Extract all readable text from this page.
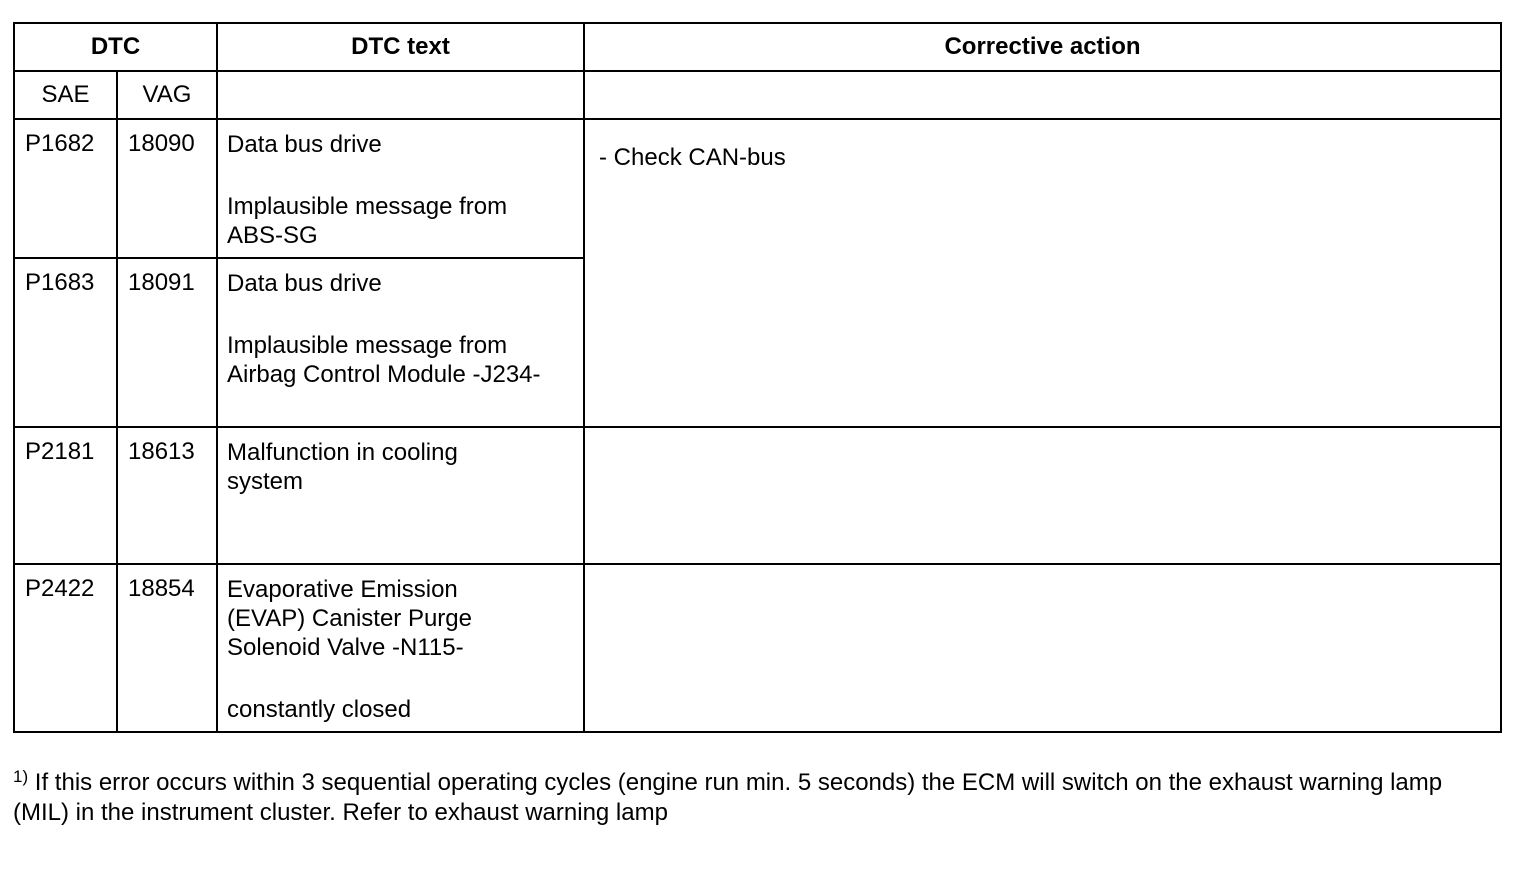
DTC		DTC text	Corrective action
SAE	VAG		
P1682	18090	Data bus drive
Implausible message from
ABS-SG	- Check CAN-bus
P1683	18091	Data bus drive
Implausible message from
Airbag Control Module -J234-	

P2181	18613	Malfunction in cooling
system	

P2422	18854	Evaporative Emission
(EVAP) Canister Purge
Solenoid Valve -N115-
constantly closed	

$^{1)}$ If this error occurs within 3 sequential operating cycles (engine run min. 5 seconds) the ECM will switch on the exhaust warning lamp (MIL) in the instrument cluster. Refer to exhaust warning lamp
